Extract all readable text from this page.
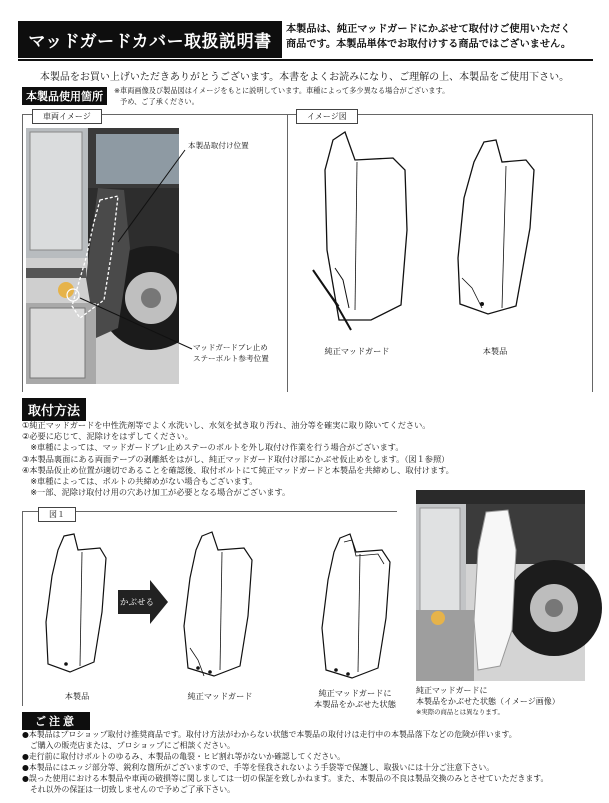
マッドガードカバー取扱説明書
本製品は、純正マッドガードにかぶせて取付けご使用いただく
商品です。本製品単体でお取付けする商品ではございません。
本製品をお買い上げいただきありがとうございます。本書をよくお読みになり、ご理解の上、本製品をご使用下さい。
本製品使用箇所	※車両画像及び製品図はイメージをもとに説明しています。車種によって多少異なる場合がございます。
予め、ご了承ください。
車両イメージ	イメージ図
本製品取付け位置
マッドガードブレ止め
ステーボルト参考位置
純正マッドガード	本製品
取付方法
①純正マッドガードを中性洗剤等でよく水洗いし、水気を拭き取り汚れ、油分等を確実に取り除いてください。
②必要に応じて、泥除けをはずしてください。
　※車種によっては、マッドガードブレ止めステーのボルトを外し取付け作業を行う場合がございます。
③本製品裏面にある両面テープの剥離紙をはがし、純正マッドガード取付け部にかぶせ仮止めをします。（図１参照）
④本製品仮止め位置が適切であることを確認後、取付ボルトにて純正マッドガードと本製品を共締めし、取付けます。
　※車種によっては、ボルトの共締めがない場合もございます。
　※一部、泥除け取付け用の穴あけ加工が必要となる場合がございます。
図１
本製品
かぶせる
純正マッドガード	純正マッドガードに
本製品をかぶせた状態
純正マッドガードに
本製品をかぶせた状態（イメージ画像）
※実際の商品とは異なります。
ご注意
●本製品はプロショップ取付け推奨商品です。取付け方法がわからない状態で本製品の取付けは走行中の本製品落下などの危険が伴います。
　ご購入の販売店または、プロショップにご相談ください。
●走行前に取付けボルトのゆるみ、本製品の亀裂・ヒビ割れ等がないか確認してください。
●本製品にはエッジ部分等、鋭利な箇所がございますので、手等を怪我されないよう手袋等で保護し、取扱いには十分ご注意下さい。
●誤った使用における本製品や車両の破損等に関しましては一切の保証を致しかねます。また、本製品の不良は製品交換のみとさせていただきます。
　それ以外の保証は一切致しませんので予めご了承下さい。
